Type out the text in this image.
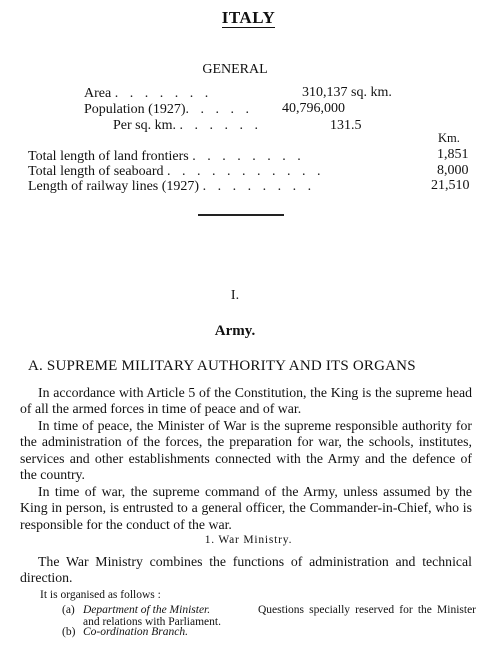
ITALY
GENERAL
Area . . . . . . .	310,137 sq. km.
Population (1927). . . . . 40,796,000
Per sq. km. . . . . . .	131.5
Km.
Total length of land frontiers . . . . . . . .	1,851
Total length of seaboard . . . . . . . . . . .	8,000
Length of railway lines (1927) . . . . . . . .	21,510
I.
Army.
A. SUPREME MILITARY AUTHORITY AND ITS ORGANS
In accordance with Article 5 of the Constitution, the King is the supreme head of all the armed forces in time of peace and of war.
In time of peace, the Minister of War is the supreme responsible authority for the administration of the forces, the preparation for war, the schools, institutes, services and other establishments connected with the Army and the defence of the country.
In time of war, the supreme command of the Army, unless assumed by the King in person, is entrusted to a general officer, the Commander-in-Chief, who is responsible for the conduct of the war.
1. War Ministry.
The War Ministry combines the functions of administration and technical direction.
It is organised as follows :
(a) Department of the Minister.	Questions specially reserved for the Minister and relations with Parliament.
(b) Co-ordination Branch.
